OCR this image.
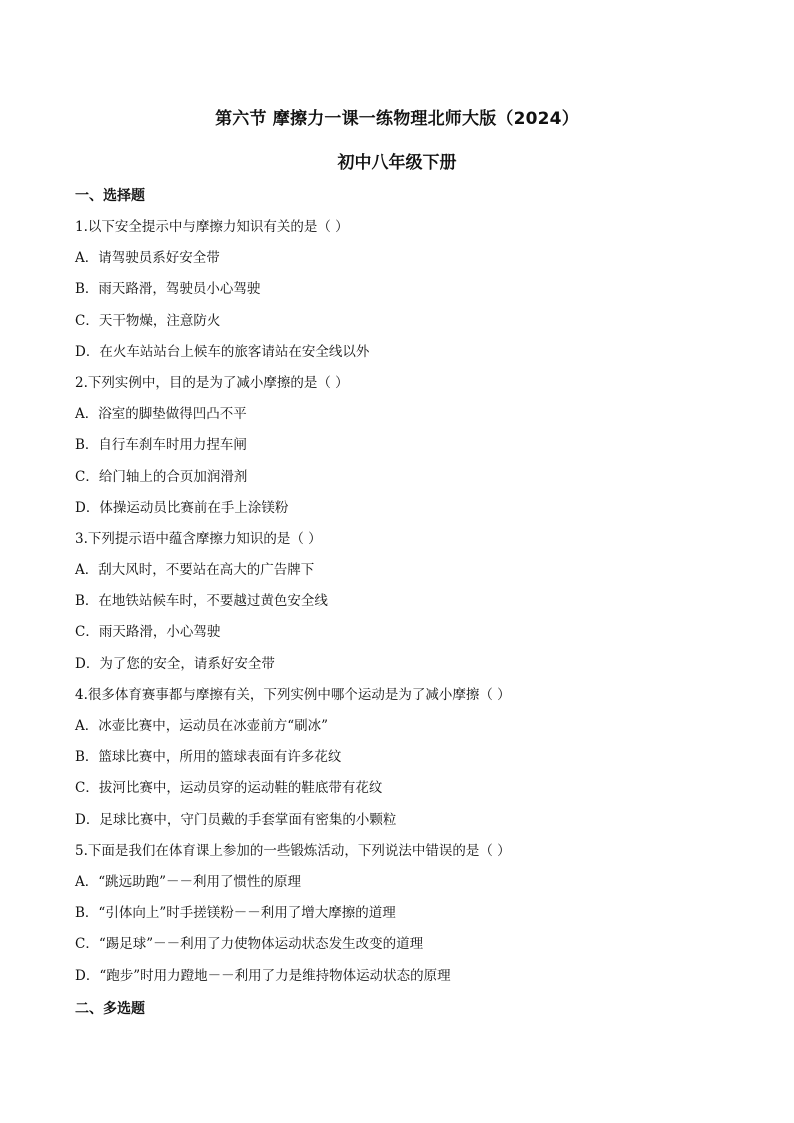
第六节 摩擦力一课一练物理北师大版（2024）
初中八年级下册
一、选择题
1.以下安全提示中与摩擦力知识有关的是（ ）
A．请驾驶员系好安全带
B．雨天路滑，驾驶员小心驾驶
C．天干物燥，注意防火
D．在火车站站台上候车的旅客请站在安全线以外
2.下列实例中，目的是为了减小摩擦的是（ ）
A．浴室的脚垫做得凹凸不平
B．自行车刹车时用力捏车闸
C．给门轴上的合页加润滑剂
D．体操运动员比赛前在手上涂镁粉
3.下列提示语中蕴含摩擦力知识的是（ ）
A．刮大风时，不要站在高大的广告牌下
B．在地铁站候车时，不要越过黄色安全线
C．雨天路滑，小心驾驶
D．为了您的安全，请系好安全带
4.很多体育赛事都与摩擦有关，下列实例中哪个运动是为了减小摩擦（ ）
A．冰壶比赛中，运动员在冰壶前方“刷冰”
B．篮球比赛中，所用的篮球表面有许多花纹
C．拔河比赛中，运动员穿的运动鞋的鞋底带有花纹
D．足球比赛中，守门员戴的手套掌面有密集的小颗粒
5.下面是我们在体育课上参加的一些锻炼活动，下列说法中错误的是（ ）
A．“跳远助跑”－－利用了惯性的原理
B．“引体向上”时手搓镁粉－－利用了增大摩擦的道理
C．“踢足球”－－利用了力使物体运动状态发生改变的道理
D．“跑步”时用力蹬地－－利用了力是维持物体运动状态的原理
二、多选题
